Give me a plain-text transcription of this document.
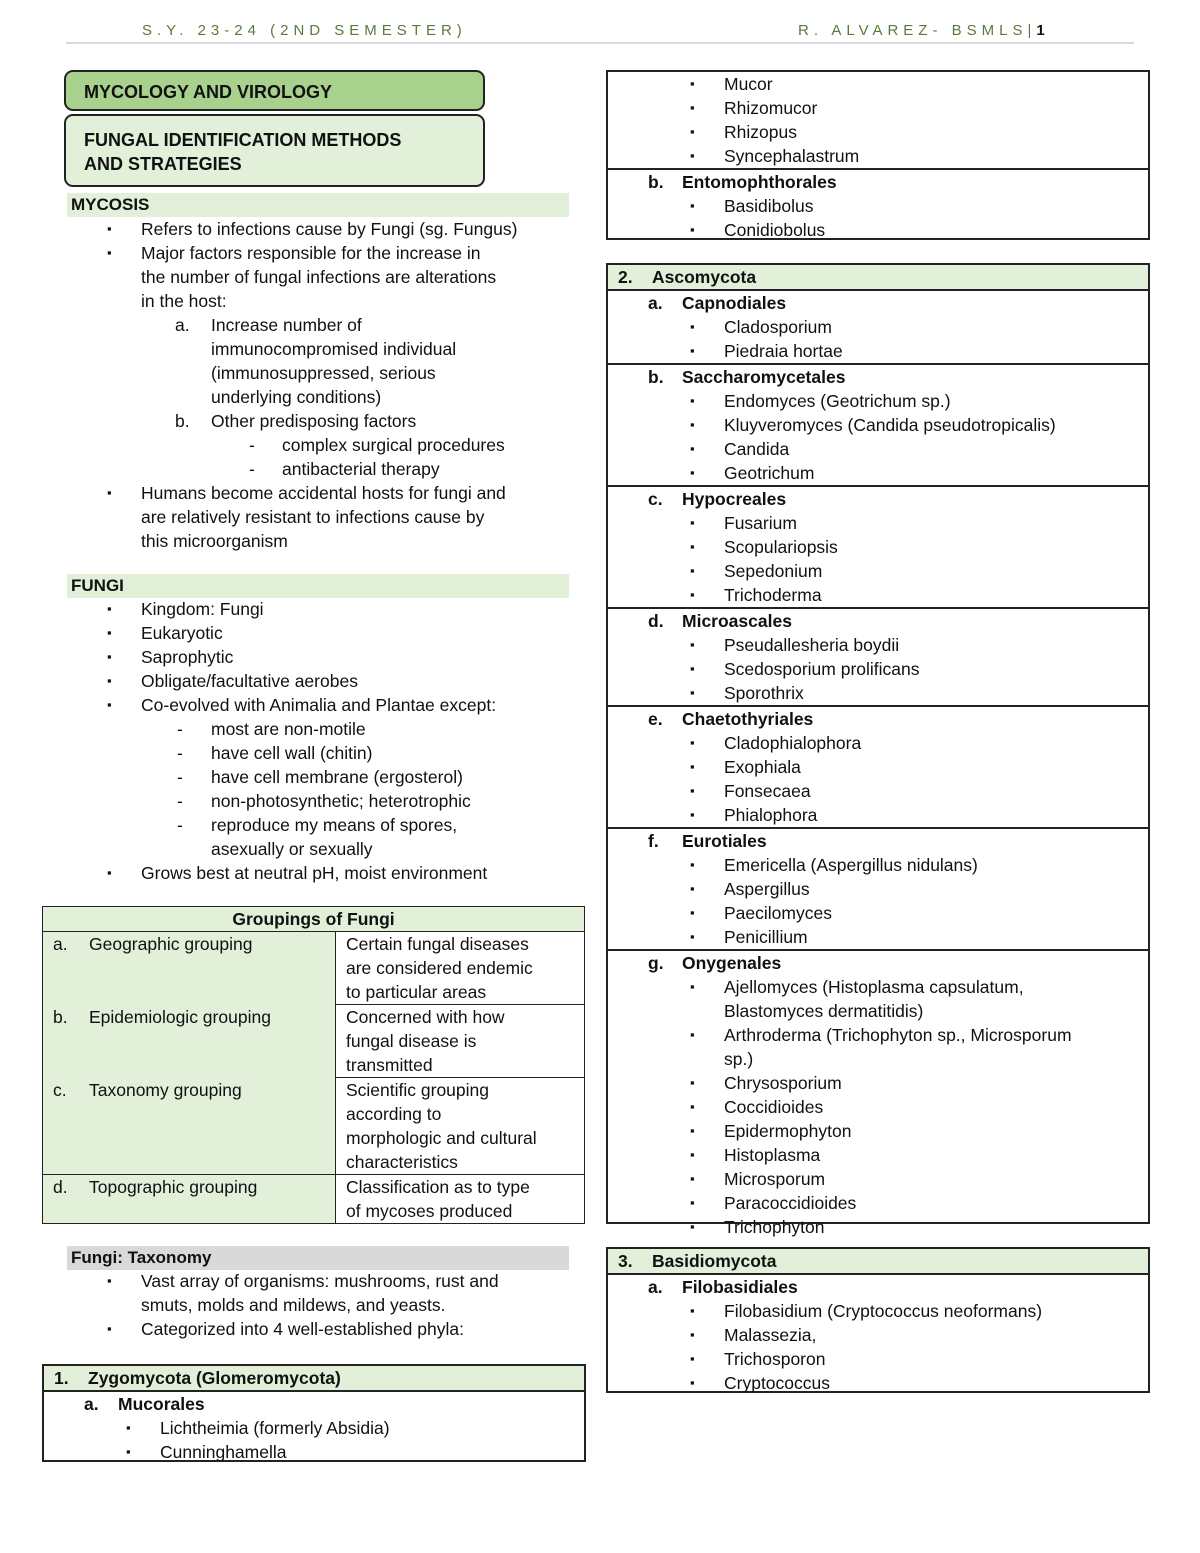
S.Y. 23-24 (2ND SEMESTER)	R. ALVAREZ- BSMLS|1
MYCOLOGY AND VIROLOGY
FUNGAL IDENTIFICATION METHODS
AND STRATEGIES
MYCOSIS
▪ Refers to infections cause by Fungi (sg. Fungus)
▪ Major factors responsible for the increase in
the number of fungal infections are alterations
in the host:
a. Increase number of
immunocompromised individual
(immunosuppressed, serious
underlying conditions)
b. Other predisposing factors
- complex surgical procedures
- antibacterial therapy
▪ Humans become accidental hosts for fungi and
are relatively resistant to infections cause by
this microorganism
FUNGI
▪ Kingdom: Fungi
▪ Eukaryotic
▪ Saprophytic
▪ Obligate/facultative aerobes
▪ Co-evolved with Animalia and Plantae except:
- most are non-motile
- have cell wall (chitin)
- have cell membrane (ergosterol)
- non-photosynthetic; heterotrophic
- reproduce my means of spores,
asexually or sexually
▪ Grows best at neutral pH, moist environment
Groupings of Fungi	
a. Geographic grouping	Certain fungal diseases
are considered endemic
to particular areas

b. Epidemiologic grouping	Concerned with how
fungal disease is
transmitted

c. Taxonomy grouping	Scientific grouping
according to
morphologic and cultural
characteristics

d. Topographic grouping	Classification as to type
of mycoses produced
Fungi: Taxonomy
▪ Vast array of organisms: mushrooms, rust and
smuts, molds and mildews, and yeasts.
▪ Categorized into 4 well-established phyla:
1. Zygomycota (Glomeromycota)
a. Mucorales
▪ Lichtheimia (formerly Absidia)
▪ Cunninghamella
▪ Mucor
▪ Rhizomucor
▪ Rhizopus
▪ Syncephalastrum
b. Entomophthorales
▪ Basidibolus
▪ Conidiobolus
2. Ascomycota
a. Capnodiales
▪ Cladosporium
▪ Piedraia hortae
b. Saccharomycetales
▪ Endomyces (Geotrichum sp.)
▪ Kluyveromyces (Candida pseudotropicalis)
▪ Candida
▪ Geotrichum
c. Hypocreales
▪ Fusarium
▪ Scopulariopsis
▪ Sepedonium
▪ Trichoderma
d. Microascales
▪ Pseudallesheria boydii
▪ Scedosporium prolificans
▪ Sporothrix
e. Chaetothyriales
▪ Cladophialophora
▪ Exophiala
▪ Fonsecaea
▪ Phialophora
f. Eurotiales
▪ Emericella (Aspergillus nidulans)
▪ Aspergillus
▪ Paecilomyces
▪ Penicillium
g. Onygenales
▪ Ajellomyces (Histoplasma capsulatum,
Blastomyces dermatitidis)
▪ Arthroderma (Trichophyton sp., Microsporum
sp.)
▪ Chrysosporium
▪ Coccidioides
▪ Epidermophyton
▪ Histoplasma
▪ Microsporum
▪ Paracoccidioides
▪ Trichophyton
3. Basidiomycota
a. Filobasidiales
▪ Filobasidium (Cryptococcus neoformans)
▪ Malassezia,
▪ Trichosporon
▪ Cryptococcus
